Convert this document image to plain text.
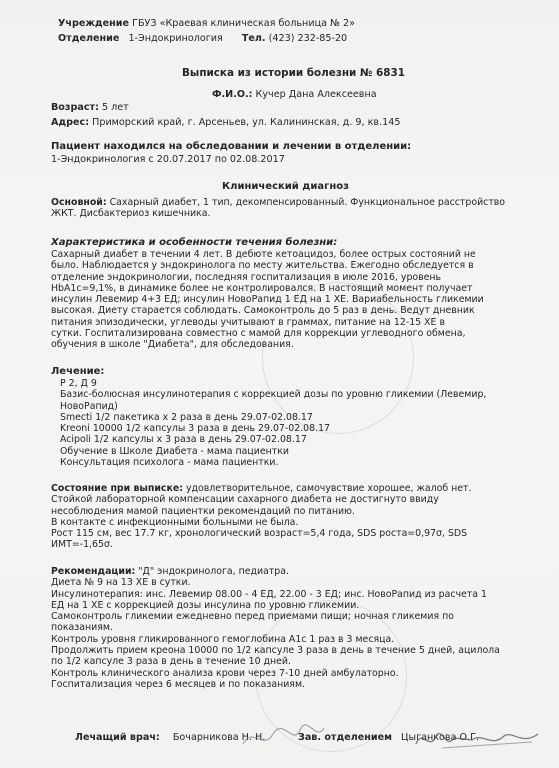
Учреждение ГБУЗ «Краевая клиническая больница № 2»
Отделение 1-Эндокринология Тел. (423) 232-85-20
Выписка из истории болезни № 6831
Ф.И.О.: Кучер Дана Алексеевна
Возраст: 5 лет
Адрес: Приморский край, г. Арсеньев, ул. Калининская, д. 9, кв.145
Пациент находился на обследовании и лечении в отделении:
1-Эндокринология с 20.07.2017 по 02.08.2017
Клинический диагноз
Основной: Сахарный диабет, 1 тип, декомпенсированный. Функциональное расстройство
ЖКТ. Дисбактериоз кишечника.
Характеристика и особенности течения болезни:
Сахарный диабет в течении 4 лет. В дебюте кетоацидоз, более острых состояний не
было. Наблюдается у эндокринолога по месту жительства. Ежегодно обследуется в
отделение эндокринологии, последняя госпитализация в июле 2016, уровень
HbA1c=9,1%, в динамике более не контролировался. В настоящий момент получает
инсулин Левемир 4+3 ЕД; инсулин НовоРапид 1 ЕД на 1 ХЕ. Вариабельность гликемии
высокая. Диету старается соблюдать. Самоконтроль до 5 раз в день. Ведут дневник
питания эпизодически, углеводы учитывают в граммах, питание на 12-15 ХЕ в
сутки. Госпитализирована совместно с мамой для коррекции углеводного обмена,
обучения в школе "Диабета", для обследования.
Лечение:
Р 2, Д 9
Базис-болюсная инсулинотерапия с коррекцией дозы по уровню гликемии (Левемир,
НовоРапид)
Smecti 1/2 пакетика х 2 раза в день 29.07-02.08.17
Kreoni 10000 1/2 капсулы 3 раза в день 29.07-02.08.17
Acipoli 1/2 капсулы х 3 раза в день 29.07-02.08.17
Обучение в Школе Диабета - мама пациентки
Консультация психолога - мама пациентки.
Состояние при выписке: удовлетворительное, самочувствие хорошее, жалоб нет.
Стойкой лабораторной компенсации сахарного диабета не достигнуто ввиду
несоблюдения мамой пациентки рекомендаций по питанию.
В контакте с инфекционными больными не была.
Рост 115 см, вес 17.7 кг, хронологический возраст=5,4 года, SDS роста=0,97σ, SDS
ИМТ=-1,65σ.
Рекомендации: "Д" эндокринолога, педиатра.
Диета № 9 на 13 ХЕ в сутки.
Инсулинотерапия: инс. Левемир 08.00 - 4 ЕД, 22.00 - 3 ЕД; инс. НовоРапид из расчета 1
ЕД на 1 ХЕ с коррекцией дозы инсулина по уровню гликемии.
Самоконтроль гликемии ежедневно перед приемами пищи; ночная гликемия по
показаниям.
Контроль уровня гликированного гемоглобина А1с 1 раз в 3 месяца.
Продолжить прием креона 10000 по 1/2 капсуле 3 раза в день в течение 5 дней, ацилола
по 1/2 капсуле 3 раза в день в течение 10 дней.
Контроль клинического анализа крови через 7-10 дней амбулаторно.
Госпитализация через 6 месяцев и по показаниям.
Лечащий врач: Бочарникова Н. Н.	Зав. отделением Цыганкова О.Г.
